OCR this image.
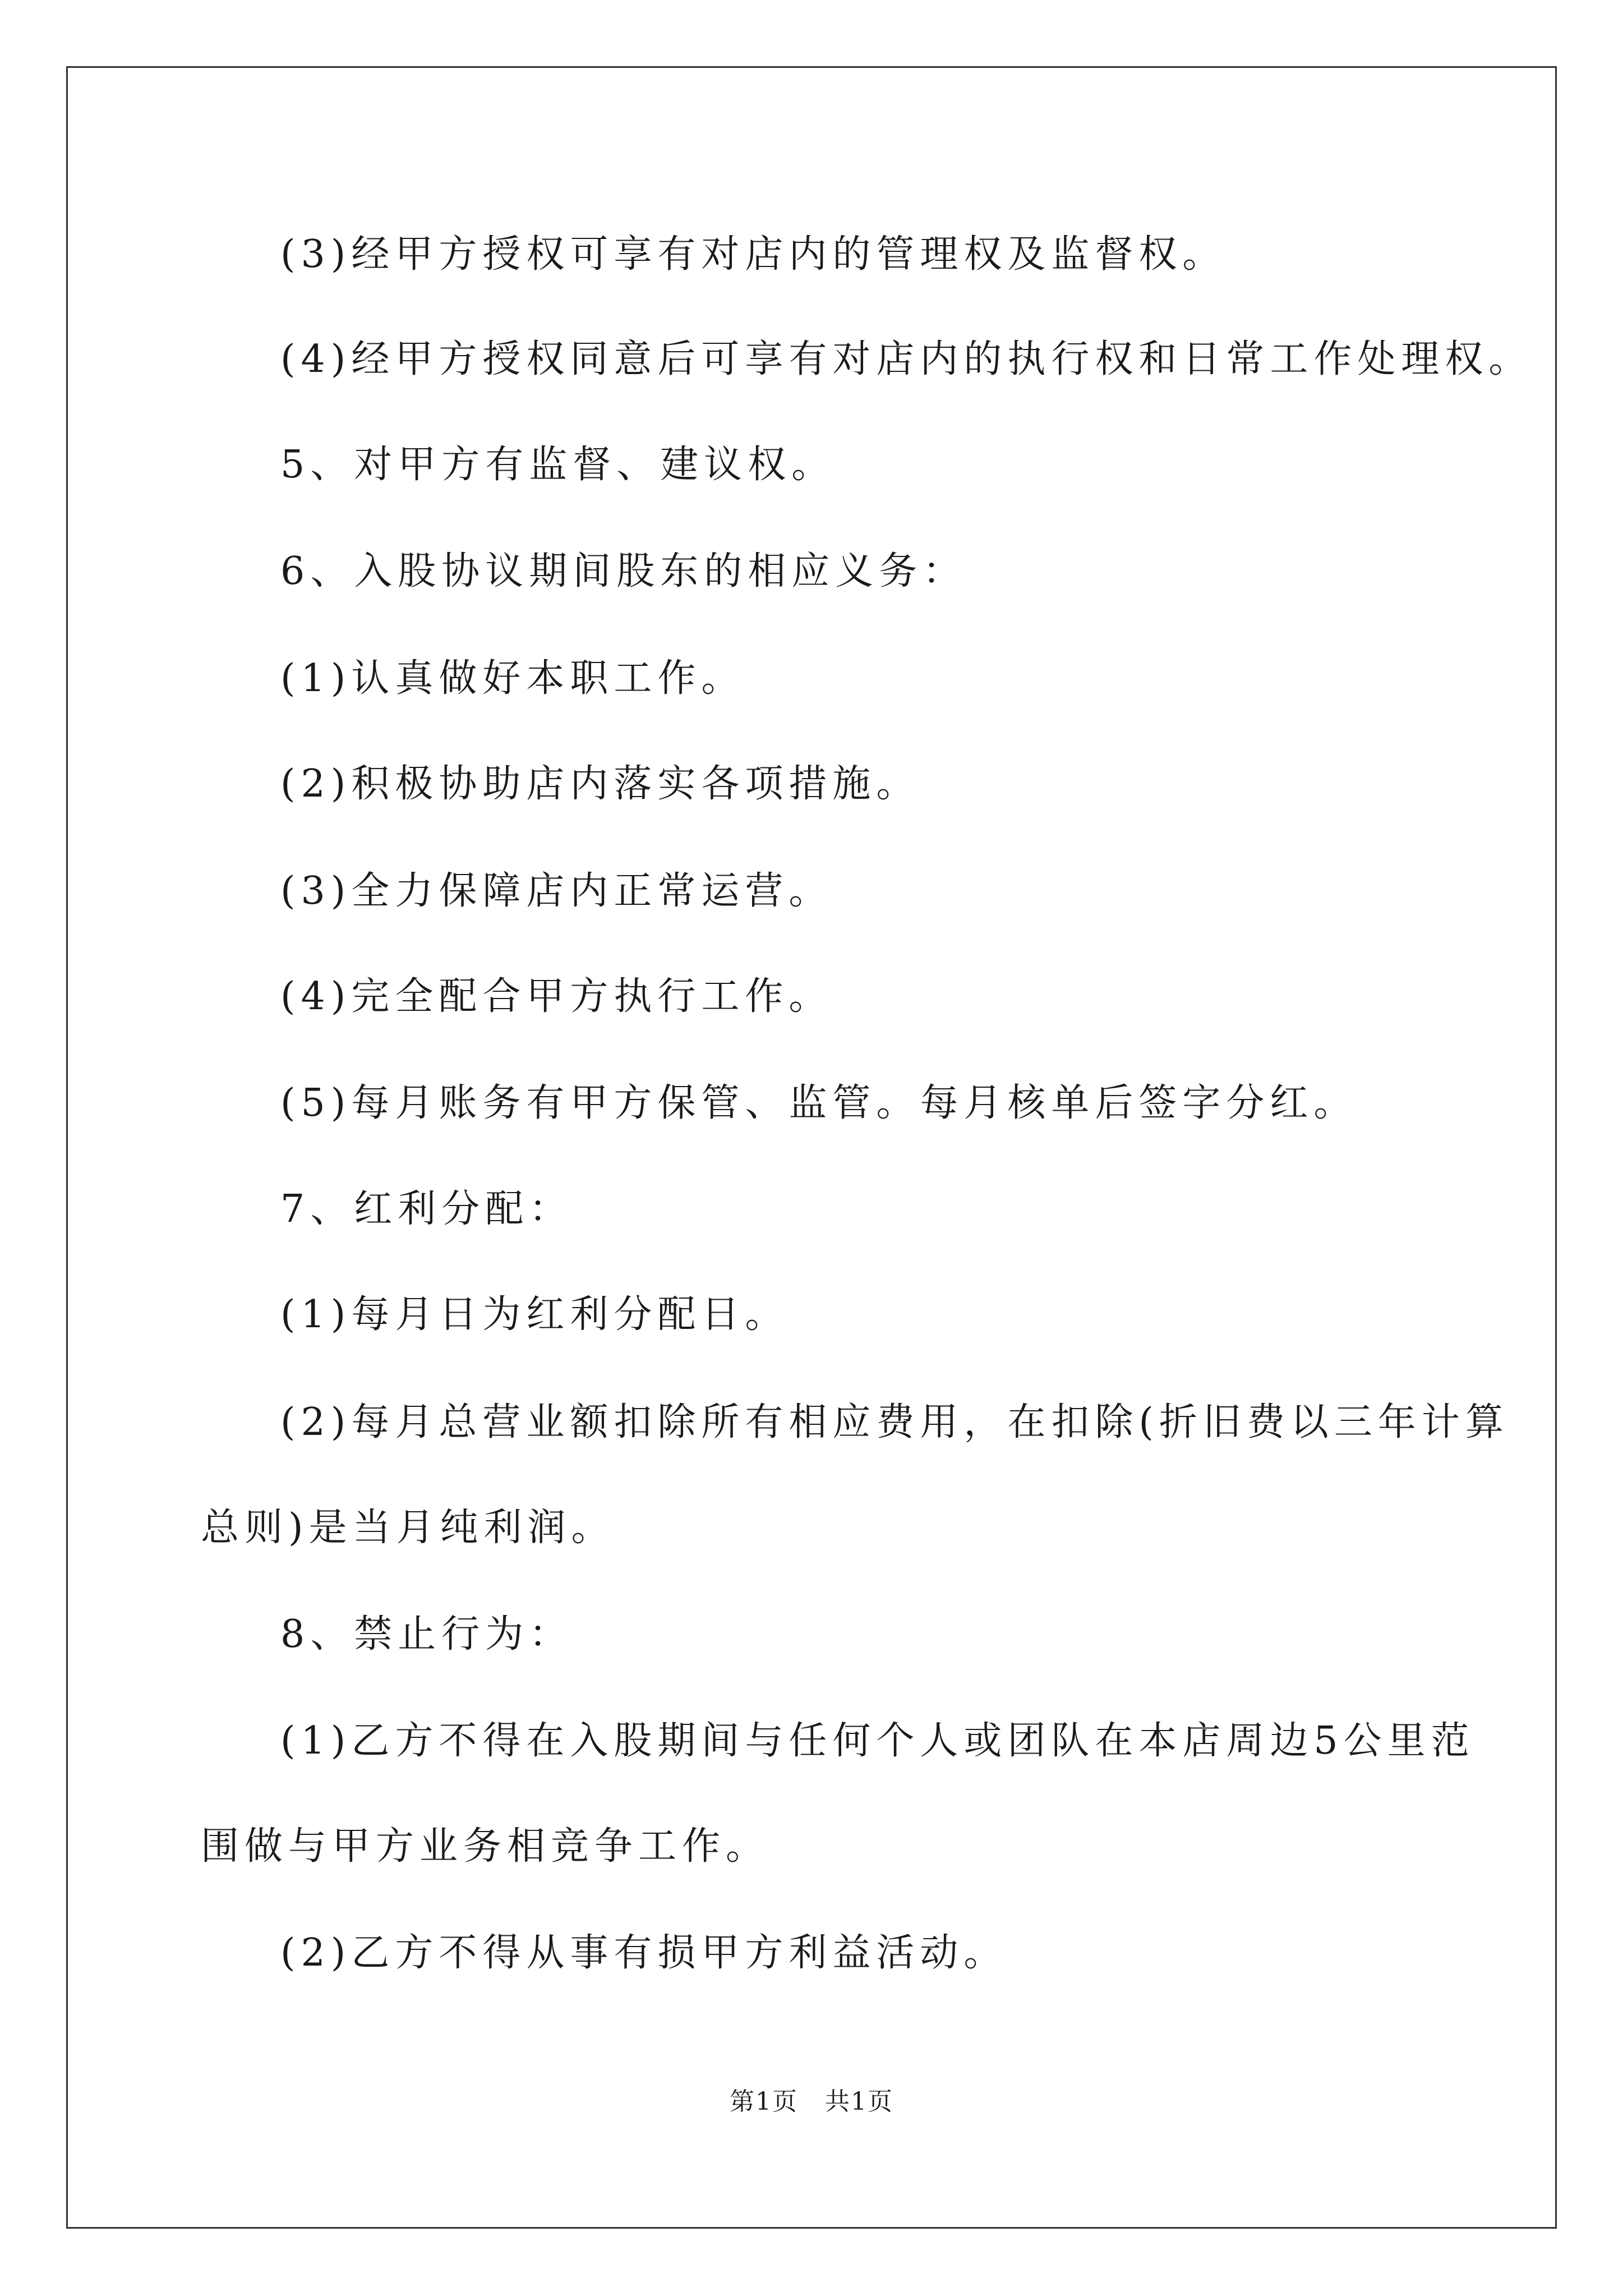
(3)经甲方授权可享有对店内的管理权及监督权。

(4)经甲方授权同意后可享有对店内的执行权和日常工作处理权。

5、对甲方有监督、建议权。

6、入股协议期间股东的相应义务：

(1)认真做好本职工作。

(2)积极协助店内落实各项措施。

(3)全力保障店内正常运营。

(4)完全配合甲方执行工作。

(5)每月账务有甲方保管、监管。每月核单后签字分红。

7、红利分配：

(1)每月日为红利分配日。

(2)每月总营业额扣除所有相应费用，在扣除(折旧费以三年计算

总则)是当月纯利润。

8、禁止行为：

(1)乙方不得在入股期间与任何个人或团队在本店周边5公里范

围做与甲方业务相竞争工作。

(2)乙方不得从事有损甲方利益活动。

第1页   共1页
